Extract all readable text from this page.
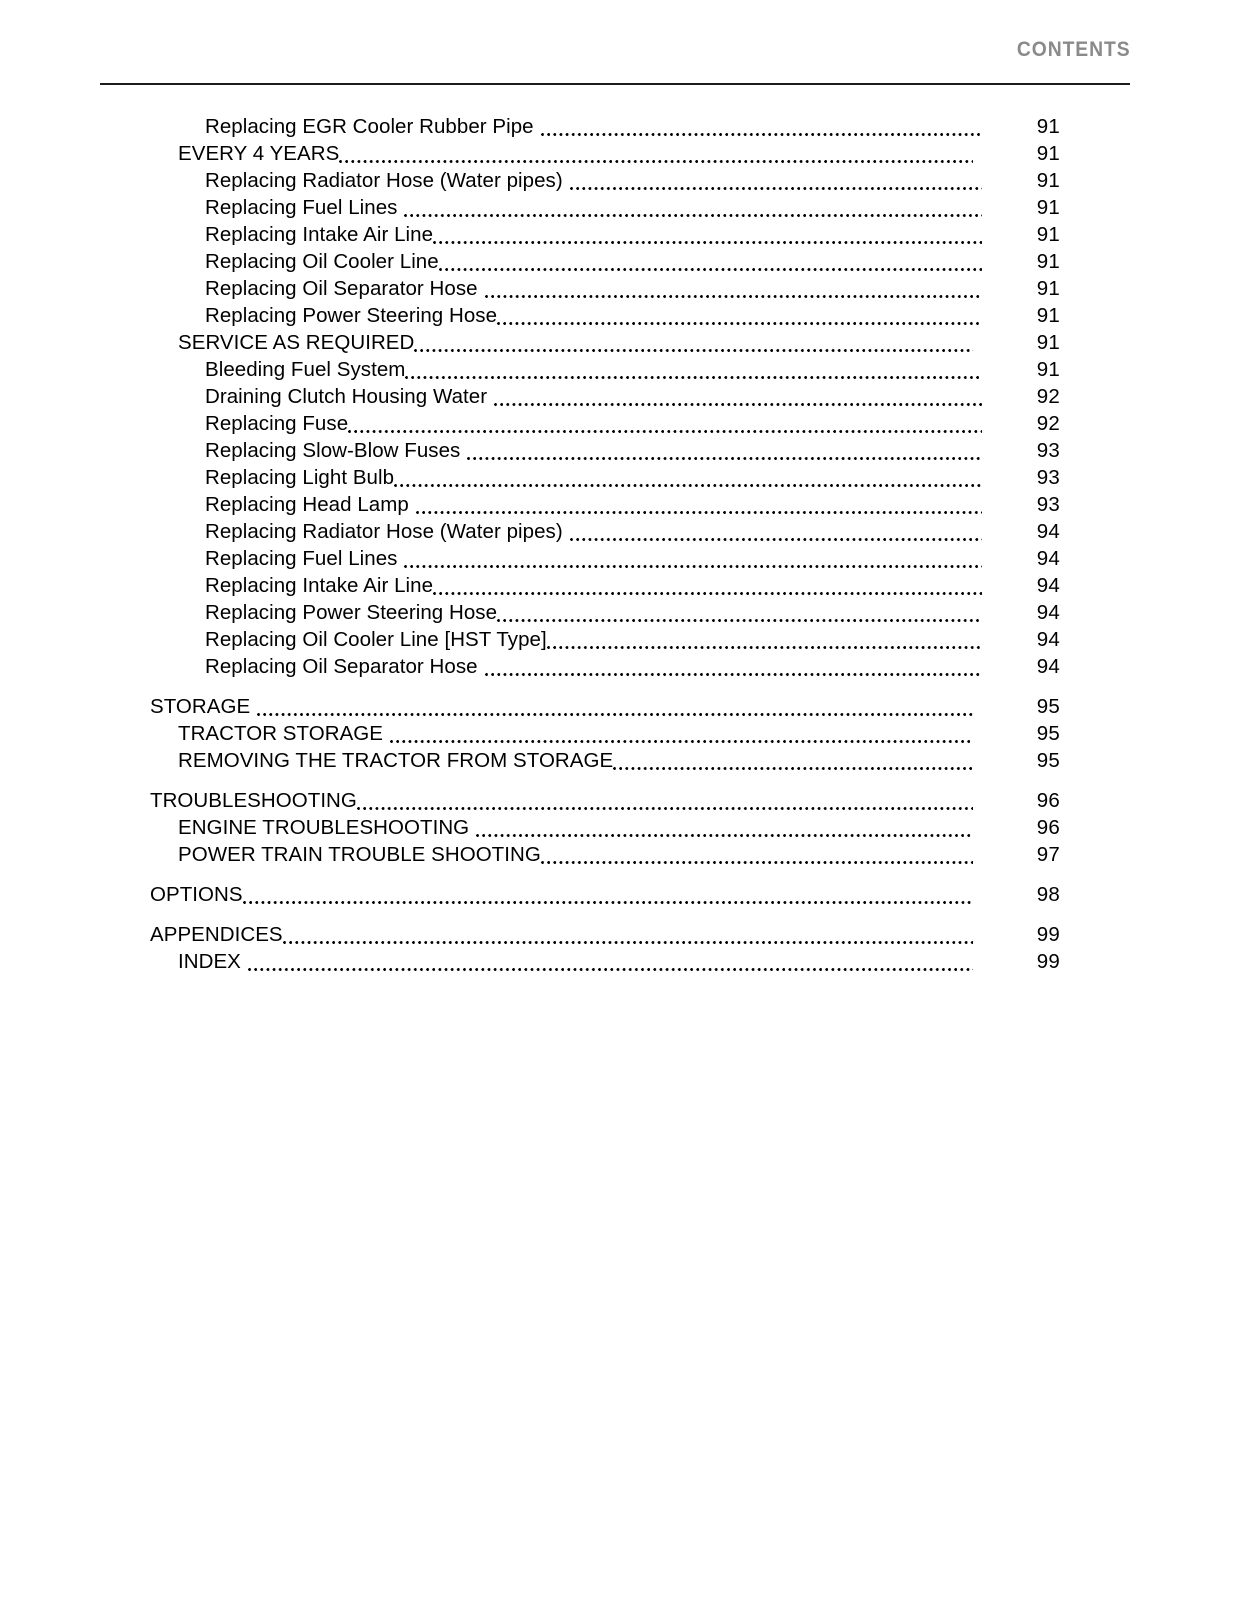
CONTENTS
Replacing EGR Cooler Rubber Pipe	91
EVERY 4 YEARS	91
Replacing Radiator Hose (Water pipes)	91
Replacing Fuel Lines	91
Replacing Intake Air Line	91
Replacing Oil Cooler Line	91
Replacing Oil Separator Hose	91
Replacing Power Steering Hose	91
SERVICE AS REQUIRED	91
Bleeding Fuel System	91
Draining Clutch Housing Water	92
Replacing Fuse	92
Replacing Slow-Blow Fuses	93
Replacing Light Bulb	93
Replacing Head Lamp	93
Replacing Radiator Hose (Water pipes)	94
Replacing Fuel Lines	94
Replacing Intake Air Line	94
Replacing Power Steering Hose	94
Replacing Oil Cooler Line [HST Type]	94
Replacing Oil Separator Hose	94
STORAGE	95
TRACTOR STORAGE	95
REMOVING THE TRACTOR FROM STORAGE	95
TROUBLESHOOTING	96
ENGINE TROUBLESHOOTING	96
POWER TRAIN TROUBLE SHOOTING	97
OPTIONS	98
APPENDICES	99
INDEX	99
